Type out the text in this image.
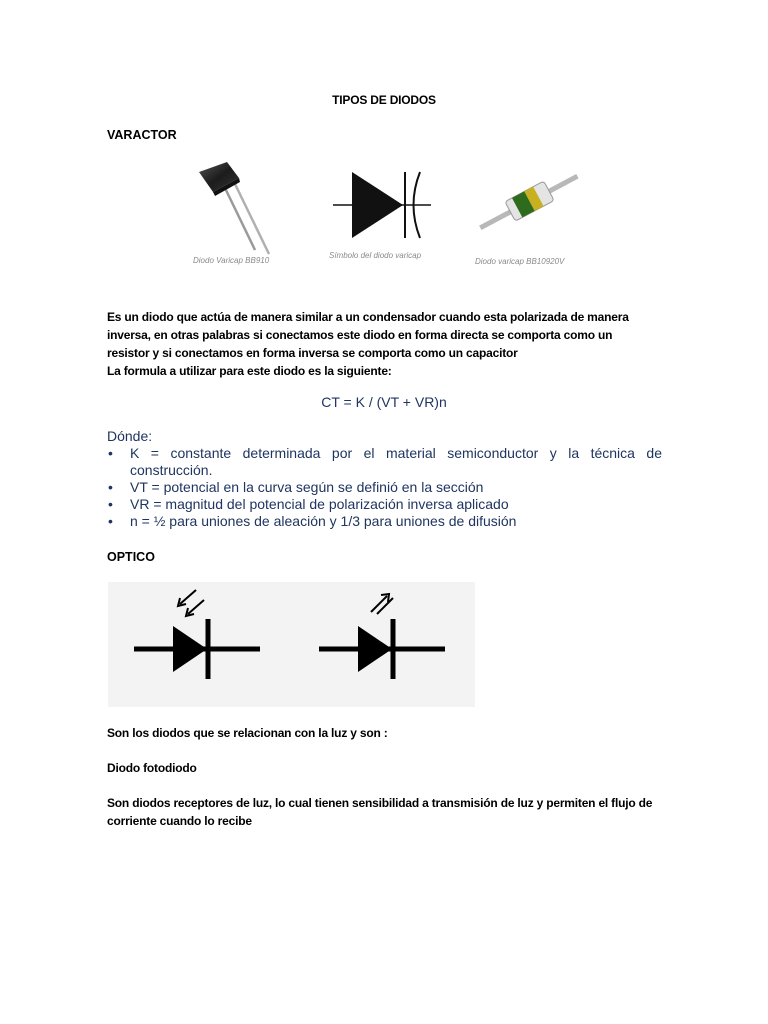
TIPOS DE DIODOS
VARACTOR
Diodo Varicap BB910
Símbolo del diodo varicap
Diodo varicap BB10920V
Es un diodo que actúa de manera similar a un condensador cuando esta polarizada de manera
inversa, en otras palabras si conectamos este diodo en forma directa se comporta como un
resistor y si conectamos en forma inversa se comporta como un capacitor
La formula a utilizar para este diodo es la siguiente:
CT = K / (VT + VR)n
Dónde:
• K = constante determinada por el material semiconductor y la técnica de construcción.
• VT = potencial en la curva según se definió en la sección
• VR = magnitud del potencial de polarización inversa aplicado
• n = ½ para uniones de aleación y 1/3 para uniones de difusión
OPTICO
Son los diodos que se relacionan con la luz y son :
Diodo fotodiodo
Son diodos receptores de luz, lo cual tienen sensibilidad a transmisión de luz y permiten el flujo de
corriente cuando lo recibe
